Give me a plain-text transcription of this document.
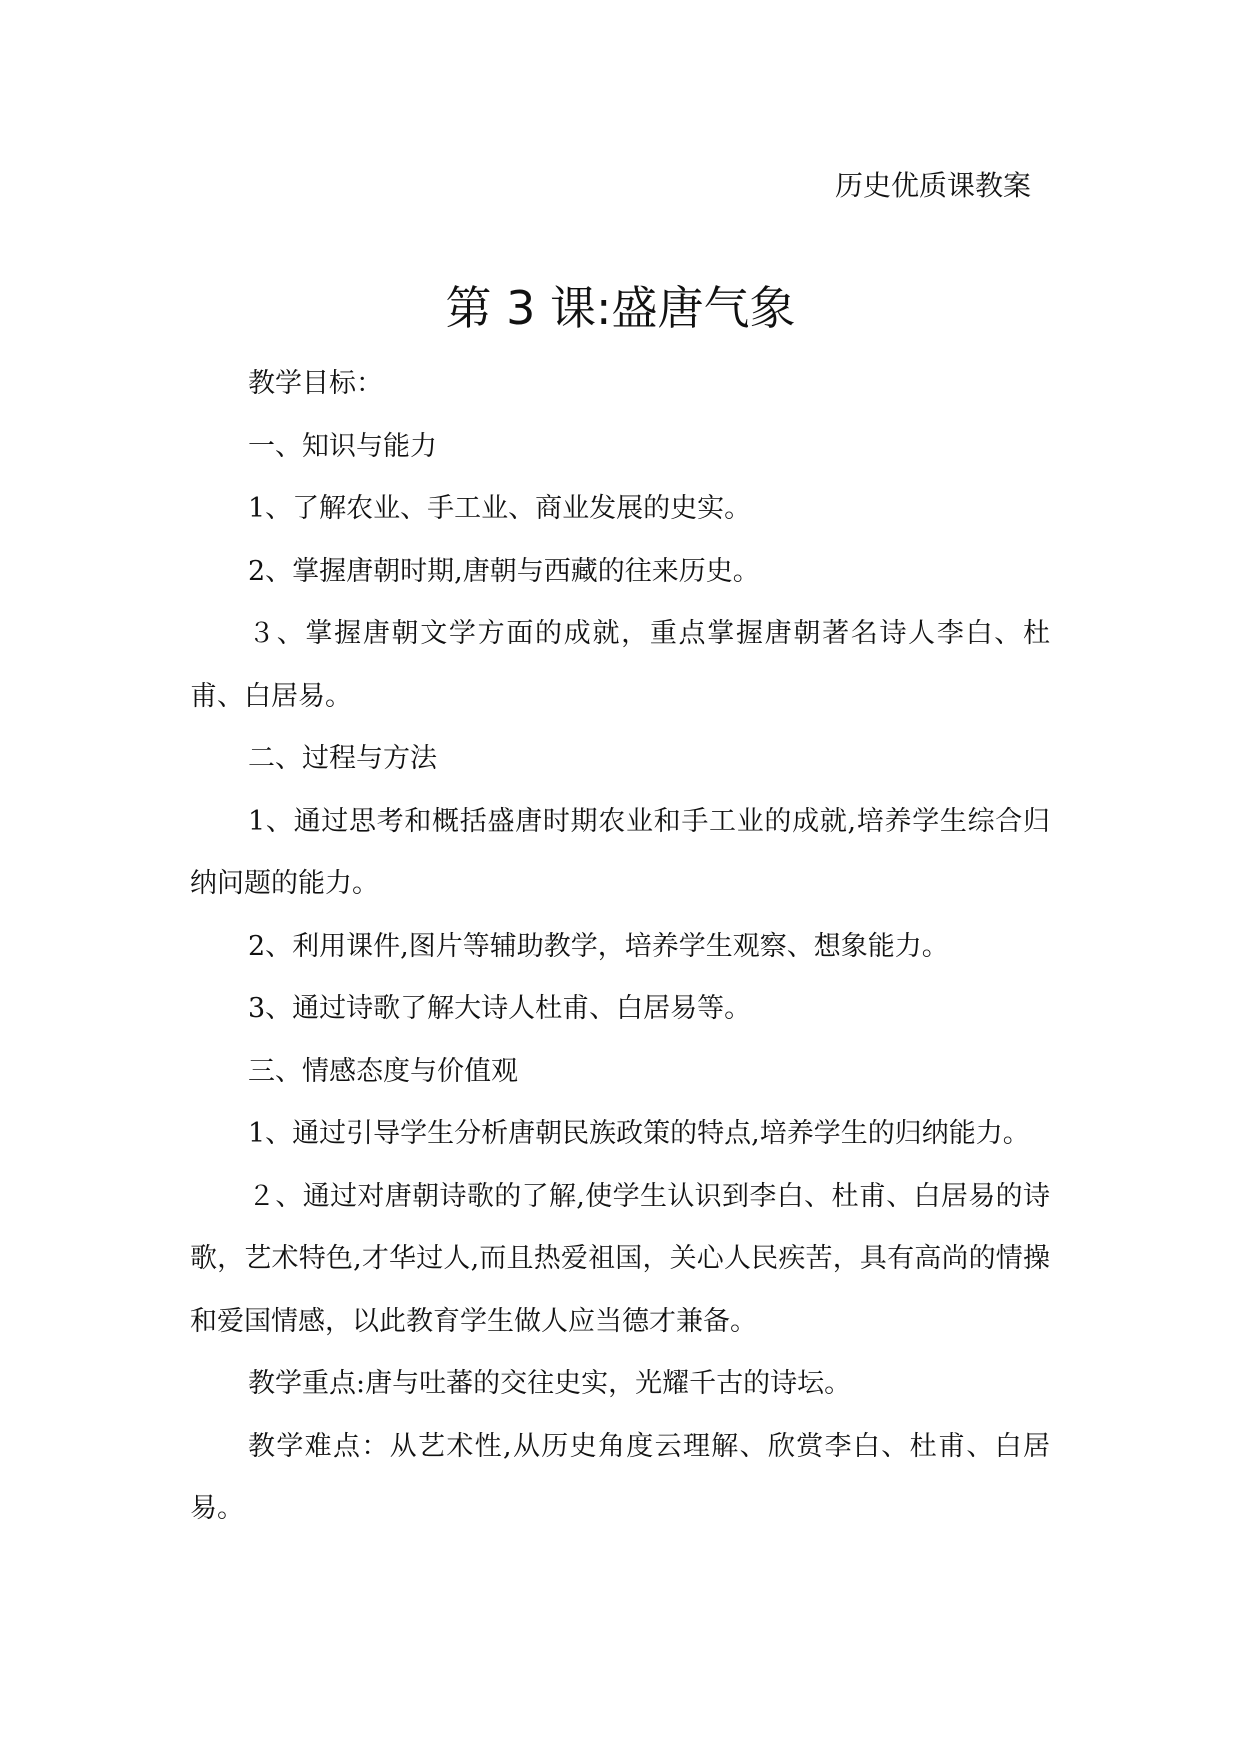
历史优质课教案
第 3 课:盛唐气象

教学目标：

一、知识与能力

1、了解农业、手工业、商业发展的史实。

2、掌握唐朝时期,唐朝与西藏的往来历史。

３、掌握唐朝文学方面的成就，重点掌握唐朝著名诗人李白、杜甫、白居易。

二、过程与方法

1、通过思考和概括盛唐时期农业和手工业的成就,培养学生综合归纳问题的能力。

2、利用课件,图片等辅助教学，培养学生观察、想象能力。

3、通过诗歌了解大诗人杜甫、白居易等。

三、情感态度与价值观

1、通过引导学生分析唐朝民族政策的特点,培养学生的归纳能力。

２、通过对唐朝诗歌的了解,使学生认识到李白、杜甫、白居易的诗歌，艺术特色,才华过人,而且热爱祖国，关心人民疾苦，具有高尚的情操和爱国情感，以此教育学生做人应当德才兼备。

教学重点:唐与吐蕃的交往史实，光耀千古的诗坛。

教学难点：从艺术性,从历史角度云理解、欣赏李白、杜甫、白居易。
